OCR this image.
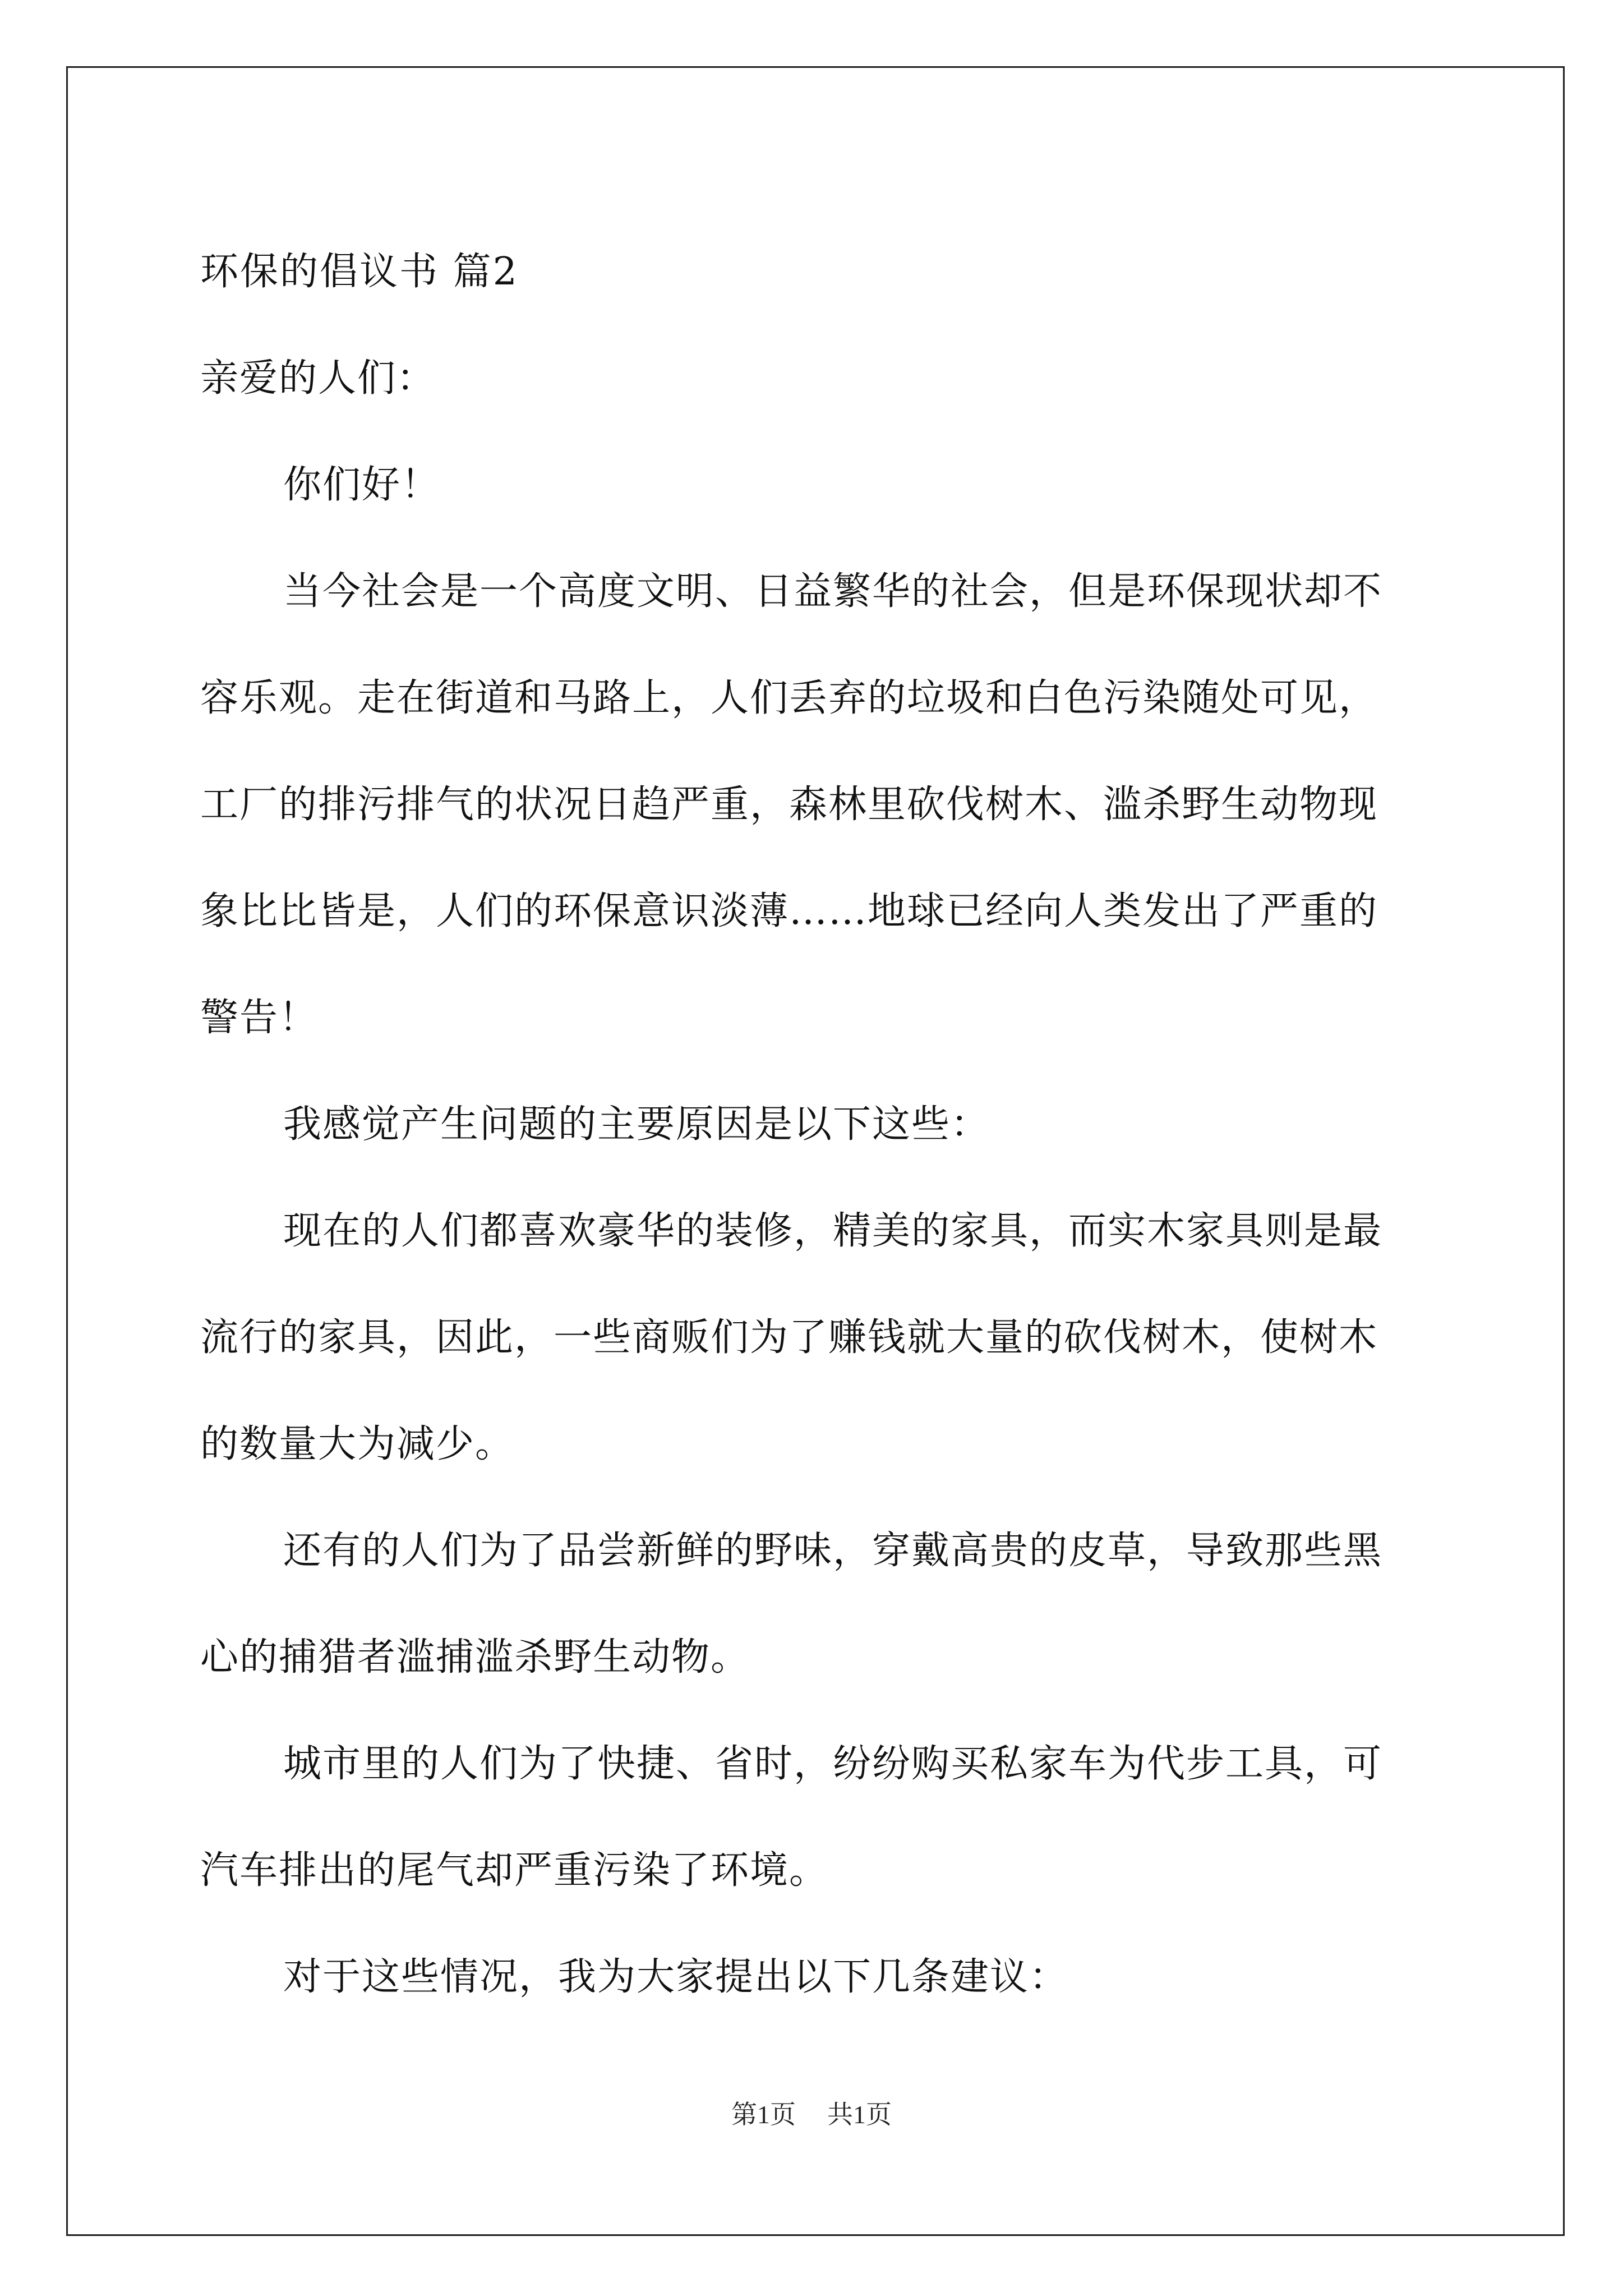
环保的倡议书 篇2
亲爱的人们：
你们好！
当今社会是一个高度文明、日益繁华的社会，但是环保现状却不
容乐观。走在街道和马路上，人们丢弃的垃圾和白色污染随处可见，
工厂的排污排气的状况日趋严重，森林里砍伐树木、滥杀野生动物现
象比比皆是，人们的环保意识淡薄……地球已经向人类发出了严重的
警告！
我感觉产生问题的主要原因是以下这些：
现在的人们都喜欢豪华的装修，精美的家具，而实木家具则是最
流行的家具，因此，一些商贩们为了赚钱就大量的砍伐树木，使树木
的数量大为减少。
还有的人们为了品尝新鲜的野味，穿戴高贵的皮草，导致那些黑
心的捕猎者滥捕滥杀野生动物。
城市里的人们为了快捷、省时，纷纷购买私家车为代步工具，可
汽车排出的尾气却严重污染了环境。
对于这些情况，我为大家提出以下几条建议：
第1页 共1页
